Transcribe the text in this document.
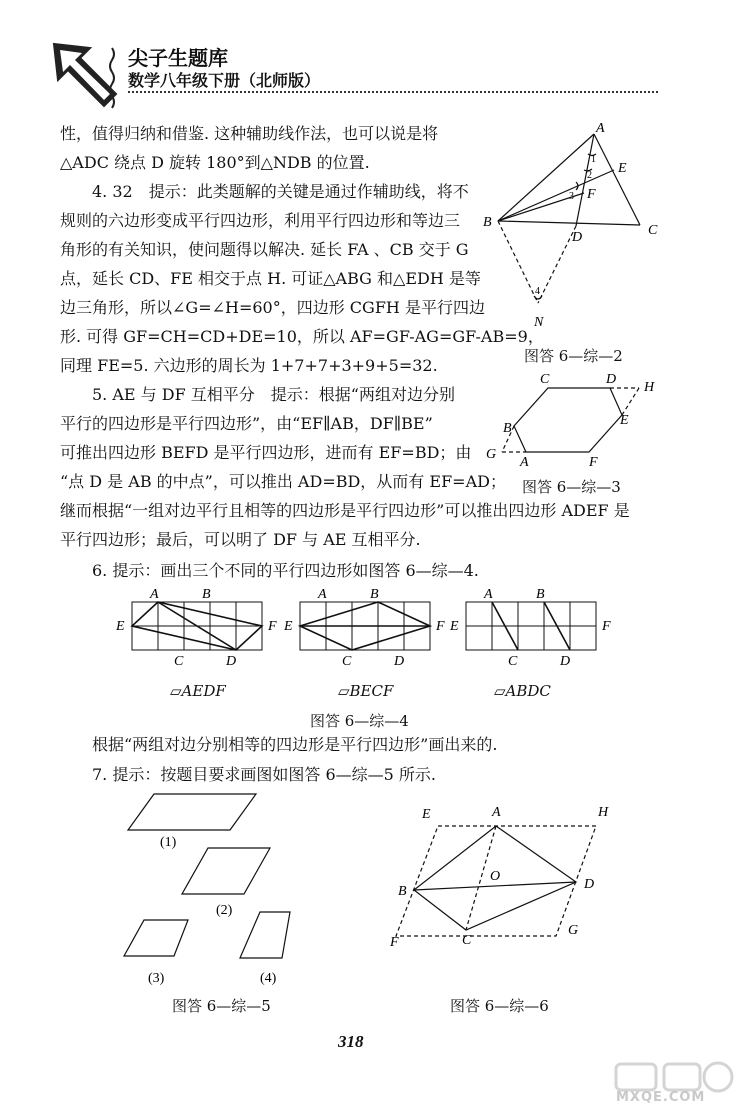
尖子生题库
数学八年级下册（北师版）
性，值得归纳和借鉴. 这种辅助线作法，也可以说是将
△ADC 绕点 D 旋转 180°到△NDB 的位置.
4. 32　提示：此类题解的关键是通过作辅助线，将不
规则的六边形变成平行四边形，利用平行四边形和等边三
角形的有关知识，使问题得以解决. 延长 FA 、CB 交于 G
点，延长 CD、FE 相交于点 H. 可证△ABG 和△EDH 是等
边三角形，所以∠G=∠H=60°，四边形 CGFH 是平行四边
形. 可得 GF=CH=CD+DE=10，所以 AF=GF-AG=GF-AB=9，
同理 FE=5. 六边形的周长为 1+7+7+3+9+5=32.
5. AE 与 DF 互相平分　提示：根据“两组对边分别
平行的四边形是平行四边形”，由“EF∥AB，DF∥BE”
可推出四边形 BEFD 是平行四边形，进而有 EF=BD；由
“点 D 是 AB 的中点”，可以推出 AD=BD，从而有 EF=AD；
继而根据“一组对边平行且相等的四边形是平行四边形”可以推出四边形 ADEF 是
平行四边形；最后，可以明了 DF 与 AE 互相平分.
6. 提示：画出三个不同的平行四边形如图答 6—综—4.
根据“两组对边分别相等的四边形是平行四边形”画出来的.
7. 提示：按题目要求画图如图答 6—综—5 所示.
A
E
F
B
C
D
N
1
2
3
4
图答 6—综—2
C	D
H
E
B
G
A	F
图答 6—综—3
A	B
E	F
C	D
▱AEDF
A	B
E	F
C	D
▱BECF
A	B
E	F
C	D
▱ABDC
图答 6—综—4
(1)
(2)
(3)	(4)
图答 6—综—5
E	A	H
B
O
D
F	C
G
图答 6—综—6
318
MXQE.COM
